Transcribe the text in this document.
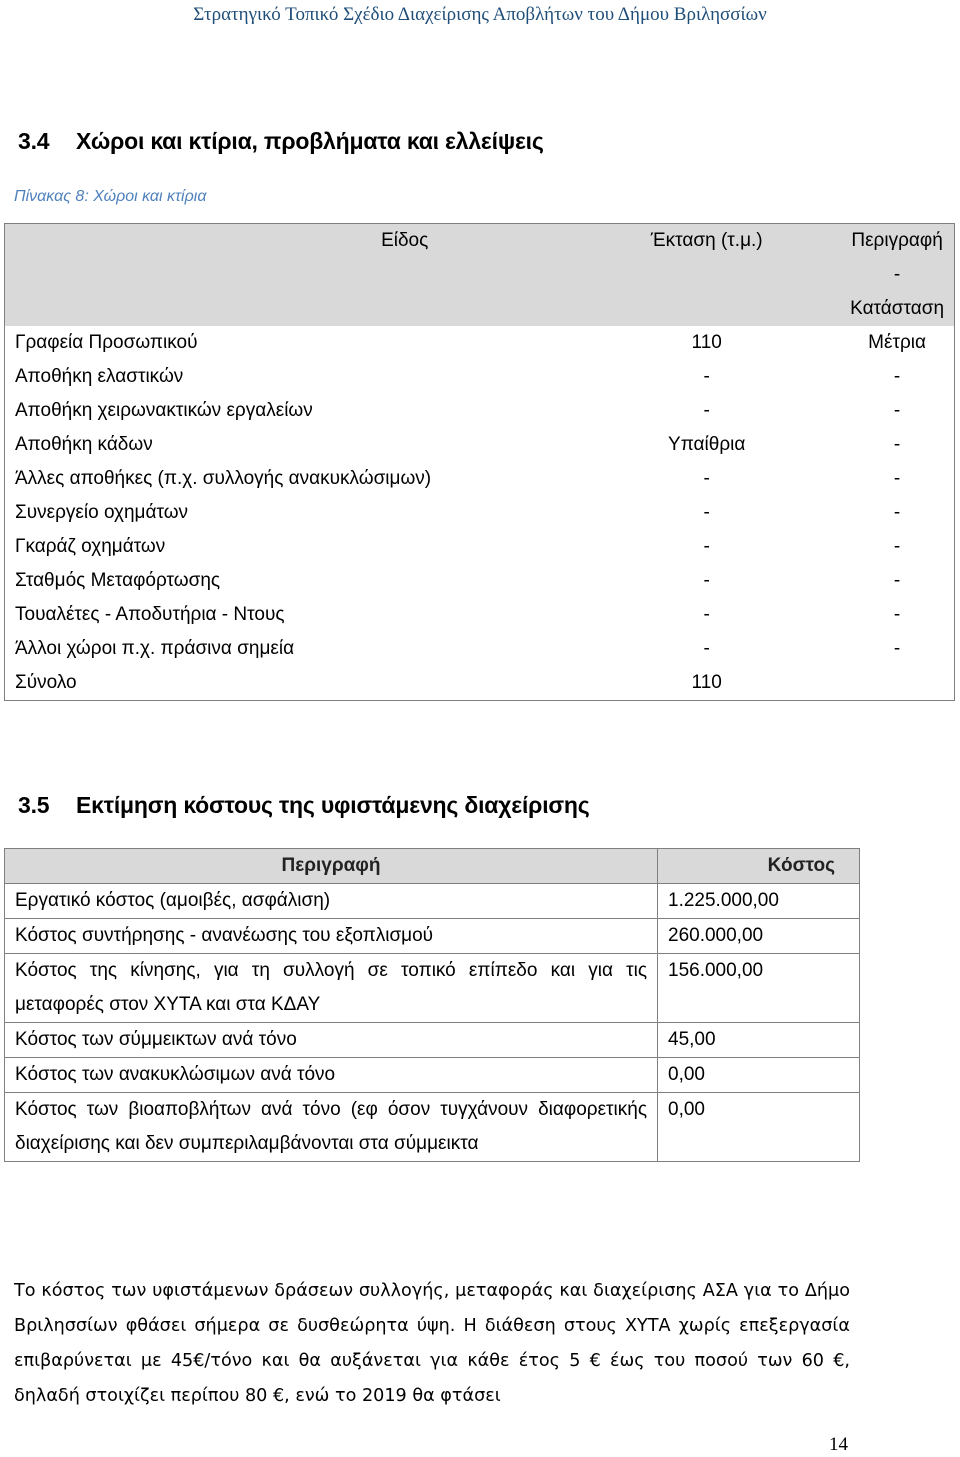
Στρατηγικό Τοπικό Σχέδιο Διαχείρισης Αποβλήτων του Δήμου Βριλησσίων
3.4 Χώροι και κτίρια, προβλήματα και ελλείψεις
Πίνακας 8: Χώροι και κτίρια
Είδος	Έκταση (τ.μ.)	Περιγραφή - Κατάσταση
Γραφεία Προσωπικού	110	Μέτρια
Αποθήκη ελαστικών	-	-
Αποθήκη χειρωνακτικών εργαλείων	-	-
Αποθήκη κάδων	Υπαίθρια	-
Άλλες αποθήκες (π.χ. συλλογής ανακυκλώσιμων)	-	-
Συνεργείο οχημάτων	-	-
Γκαράζ οχημάτων	-	-
Σταθμός Μεταφόρτωσης	-	-
Τουαλέτες - Αποδυτήρια - Ντους	-	-
Άλλοι χώροι π.χ. πράσινα σημεία	-	-
Σύνολο	110	
3.5 Εκτίμηση κόστους της υφιστάμενης διαχείρισης
Περιγραφή	Κόστος
Εργατικό κόστος (αμοιβές, ασφάλιση)	1.225.000,00
Κόστος συντήρησης - ανανέωσης του εξοπλισμού	260.000,00
Κόστος της κίνησης, για τη συλλογή σε τοπικό επίπεδο και για τις μεταφορές στον ΧΥΤΑ και στα ΚΔΑΥ	156.000,00
Κόστος των σύμμεικτων ανά τόνο	45,00
Κόστος των ανακυκλώσιμων ανά τόνο	0,00
Κόστος των βιοαποβλήτων ανά τόνο (εφ όσον τυγχάνουν διαφορετικής διαχείρισης και δεν συμπεριλαμβάνονται στα σύμμεικτα	0,00
Το κόστος των υφιστάμενων δράσεων συλλογής, μεταφοράς και διαχείρισης ΑΣΑ για το Δήμο Βριλησσίων φθάσει σήμερα σε δυσθεώρητα ύψη. Η διάθεση στους ΧΥΤΑ χωρίς επεξεργασία επιβαρύνεται με 45€/τόνο και θα αυξάνεται για κάθε έτος 5 € έως του ποσού των 60 €, δηλαδή στοιχίζει περίπου 80 €, ενώ το 2019 θα φτάσει
14
